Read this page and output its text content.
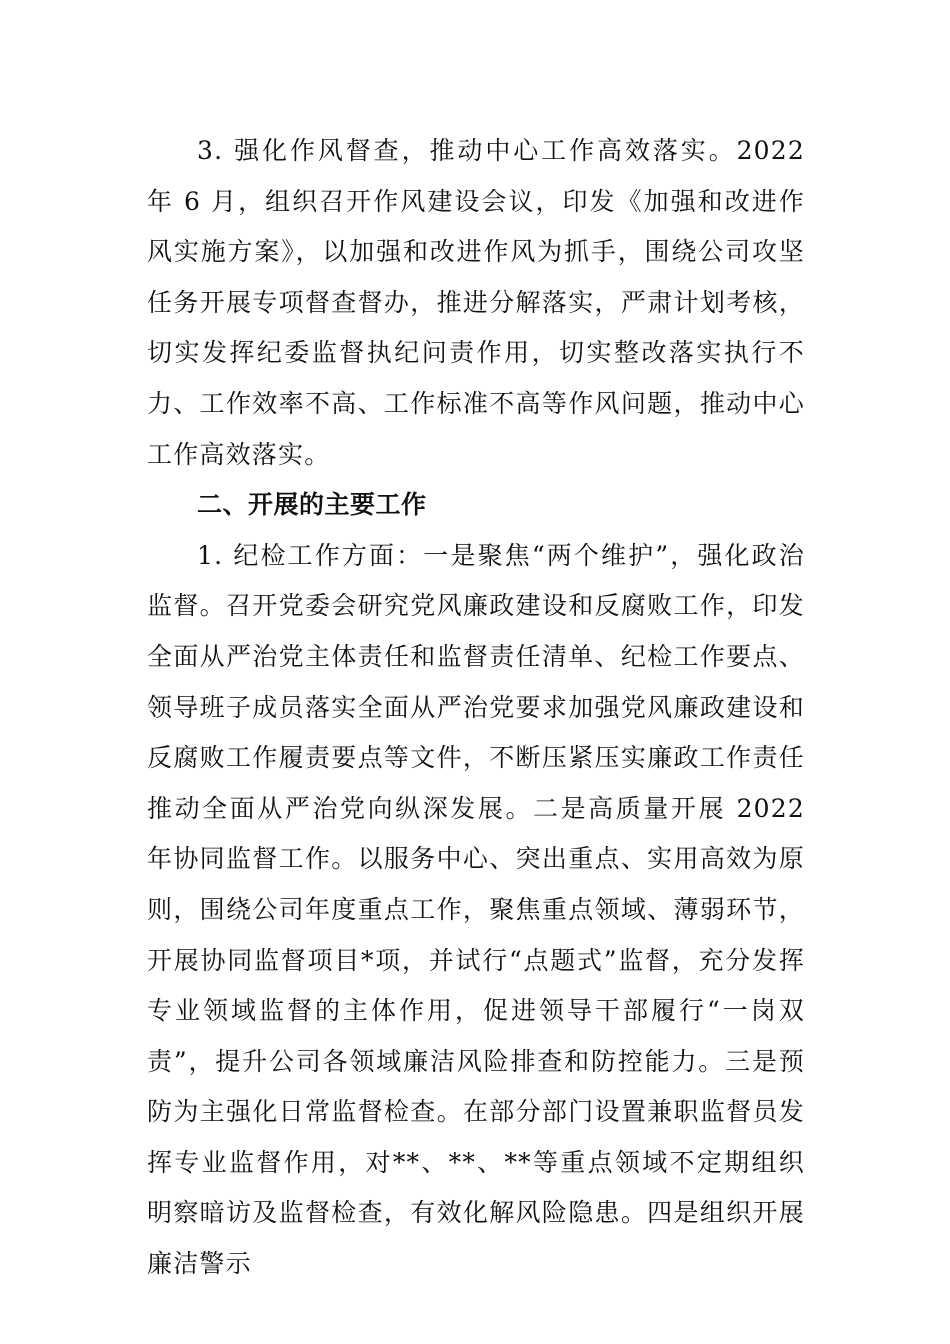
3. 强化作风督查，推动中心工作高效落实。2022 年 6 月，组织召开作风建设会议，印发《加强和改进作风实施方案》，以加强和改进作风为抓手，围绕公司攻坚任务开展专项督查督办，推进分解落实，严肃计划考核，切实发挥纪委监督执纪问责作用，切实整改落实执行不力、工作效率不高、工作标准不高等作风问题，推动中心工作高效落实。

二、开展的主要工作

1. 纪检工作方面：一是聚焦“两个维护”，强化政治监督。召开党委会研究党风廉政建设和反腐败工作，印发全面从严治党主体责任和监督责任清单、纪检工作要点、领导班子成员落实全面从严治党要求加强党风廉政建设和反腐败工作履责要点等文件，不断压紧压实廉政工作责任推动全面从严治党向纵深发展。二是高质量开展 2022 年协同监督工作。以服务中心、突出重点、实用高效为原则，围绕公司年度重点工作，聚焦重点领域、薄弱环节，开展协同监督项目*项，并试行“点题式”监督，充分发挥专业领域监督的主体作用，促进领导干部履行“一岗双责”，提升公司各领域廉洁风险排查和防控能力。三是预防为主强化日常监督检查。在部分部门设置兼职监督员发挥专业监督作用，对**、**、**等重点领域不定期组织明察暗访及监督检查，有效化解风险隐患。四是组织开展廉洁警示
